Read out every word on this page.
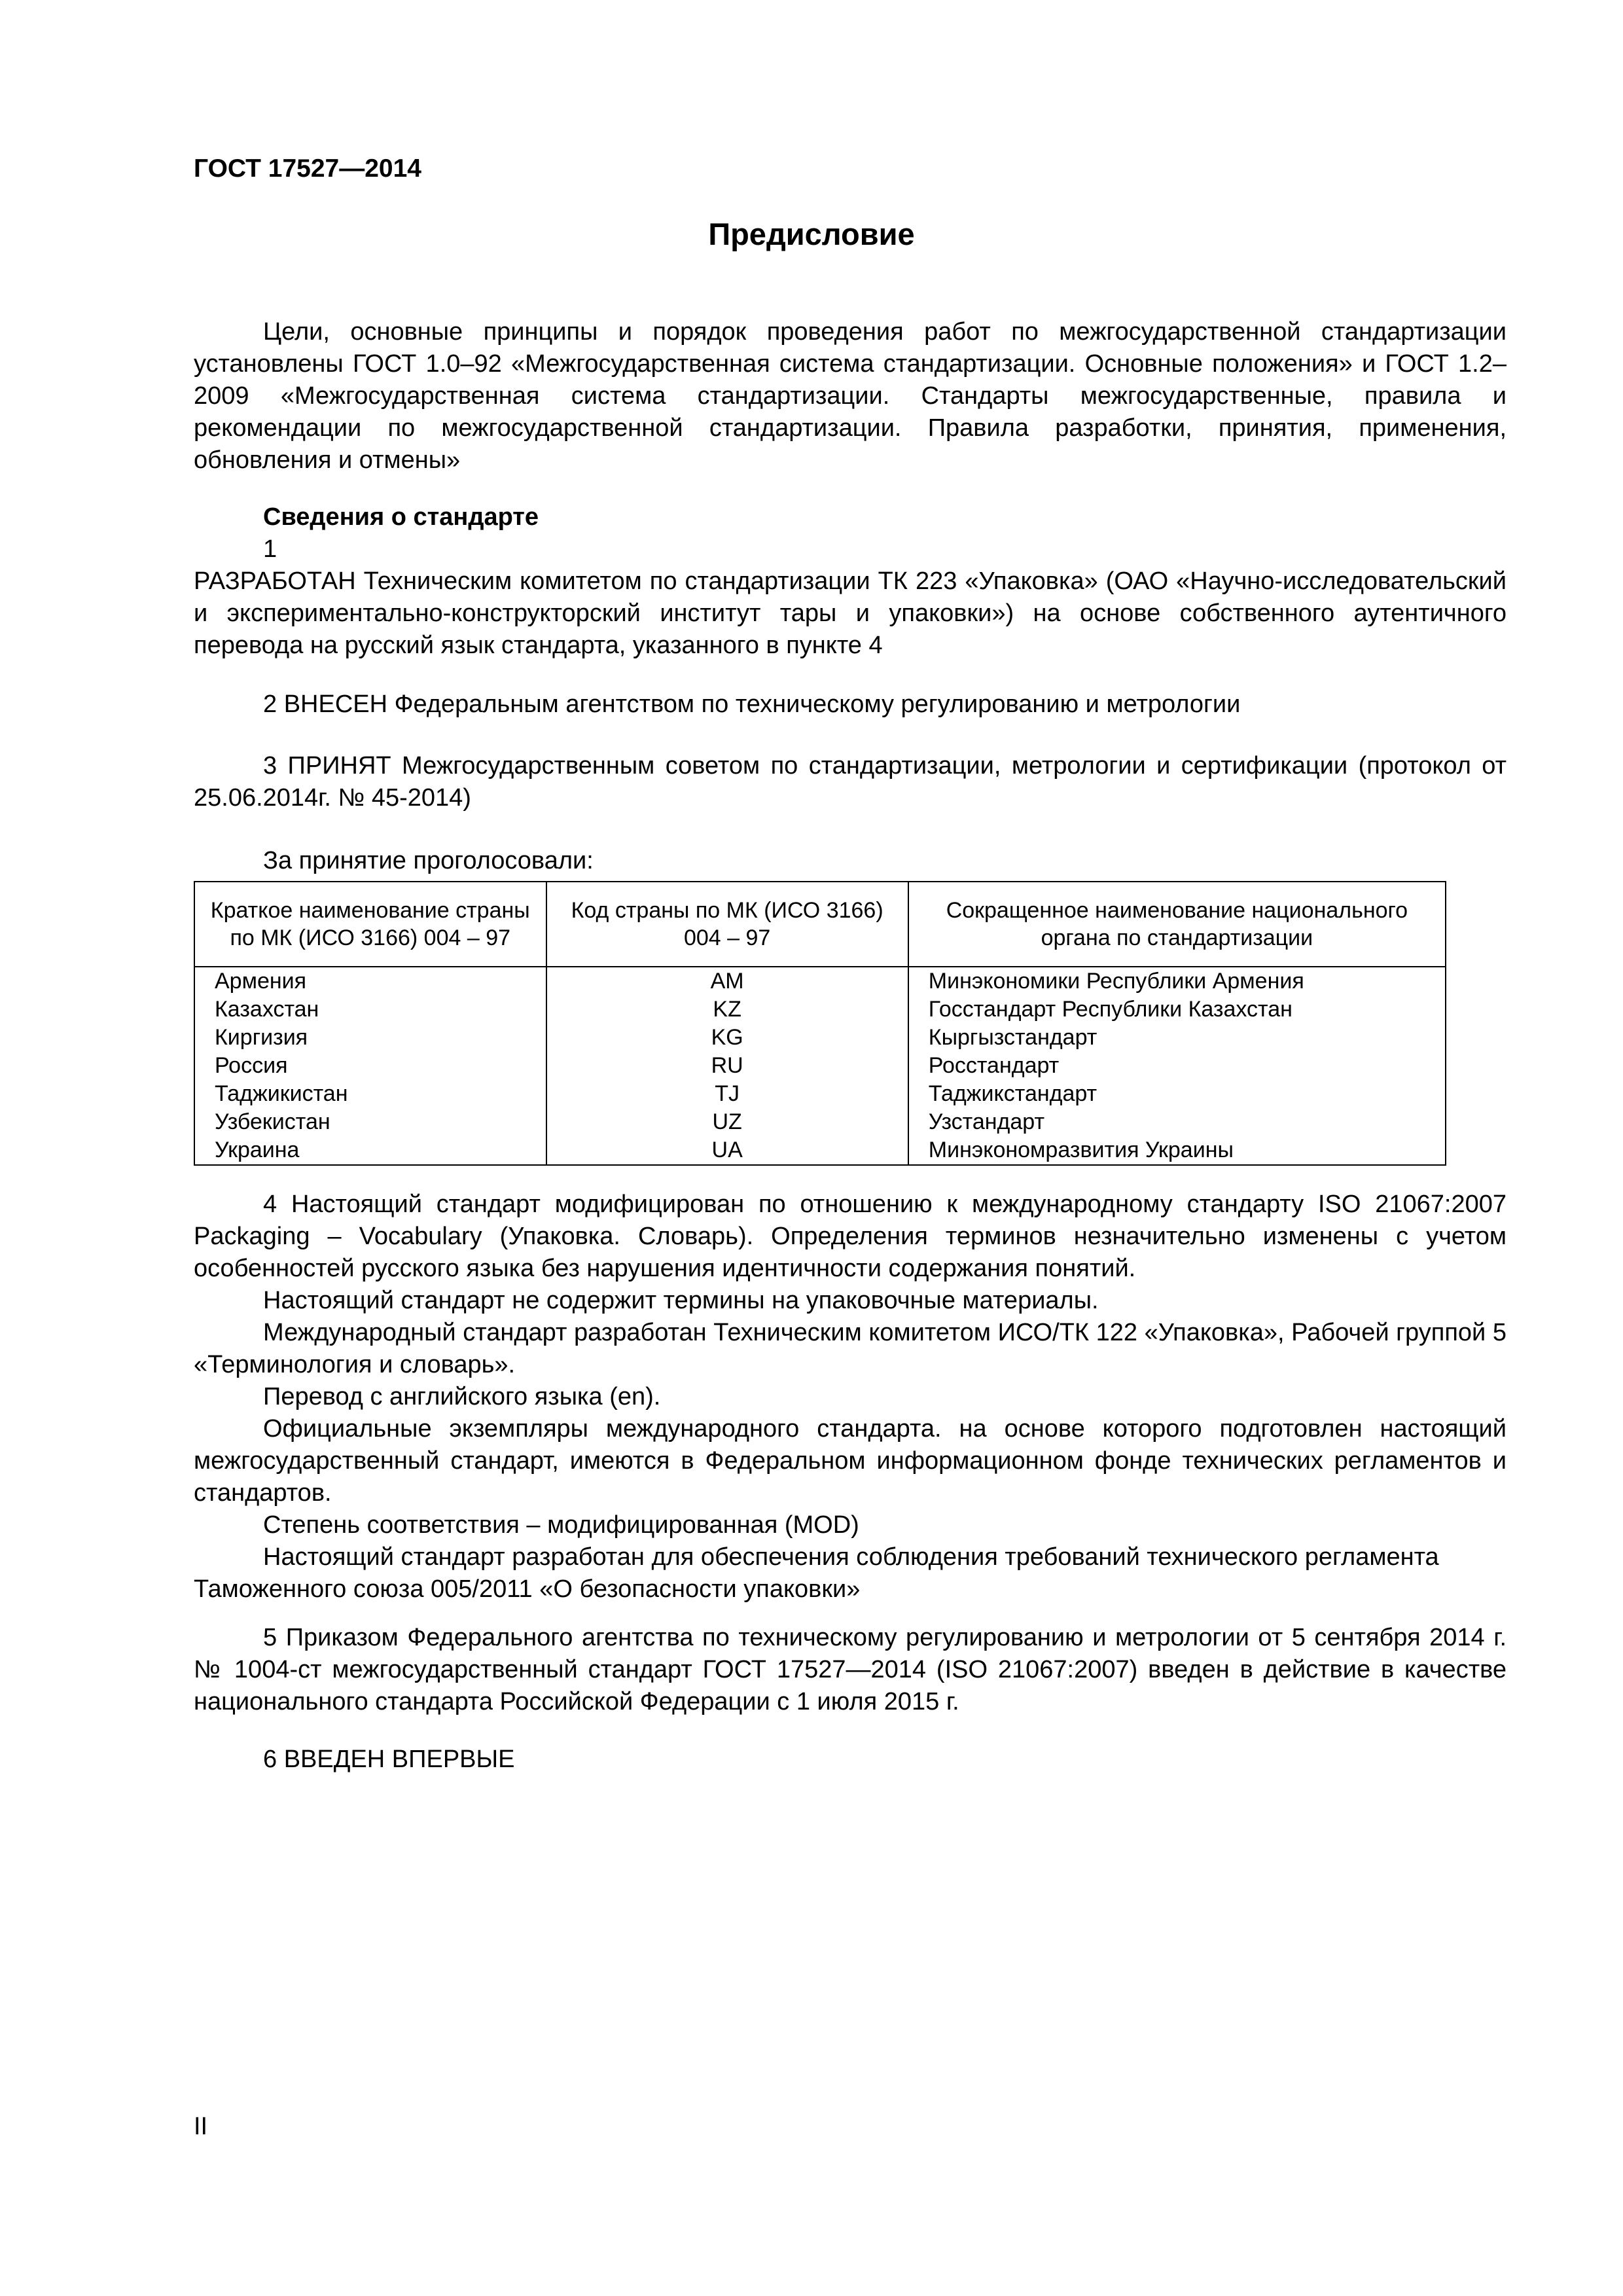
ГОСТ 17527—2014
Предисловие
Цели, основные принципы и порядок проведения работ по межгосударственной стандартизации установлены ГОСТ 1.0–92 «Межгосударственная система стандартизации. Основные положения» и ГОСТ 1.2–2009 «Межгосударственная система стандартизации. Стандарты межгосударственные, правила и рекомендации по межгосударственной стандартизации. Правила разработки, принятия, применения, обновления и отмены»
Сведения о стандарте
1
РАЗРАБОТАН Техническим комитетом по стандартизации ТК 223 «Упаковка» (ОАО «Научно-исследовательский и экспериментально-конструкторский институт тары и упаковки») на основе собственного аутентичного перевода на русский язык стандарта, указанного в пункте 4
2 ВНЕСЕН Федеральным агентством по техническому регулированию и метрологии
3 ПРИНЯТ Межгосударственным советом по стандартизации, метрологии и сертификации (протокол от 25.06.2014г. № 45-2014)
За принятие проголосовали:
Краткое наименование страны по МК (ИСО 3166) 004 – 97	Код страны по МК (ИСО 3166) 004 – 97	Сокращенное наименование национального органа по стандартизации
Армения	AM	Минэкономики Республики Армения
Казахстан	KZ	Госстандарт Республики Казахстан
Киргизия	KG	Кыргызстандарт
Россия	RU	Росстандарт
Таджикистан	TJ	Таджикстандарт
Узбекистан	UZ	Узстандарт
Украина	UA	Минэкономразвития Украины
4 Настоящий стандарт модифицирован по отношению к международному стандарту ISO 21067:2007 Packaging – Vocabulary (Упаковка. Словарь). Определения терминов незначительно изменены с учетом особенностей русского языка без нарушения идентичности содержания понятий.
Настоящий стандарт не содержит термины на упаковочные материалы.
Международный стандарт разработан Техническим комитетом ИСО/ТК 122 «Упаковка», Рабочей группой 5 «Терминология и словарь».
Перевод с английского языка (en).
Официальные экземпляры международного стандарта. на основе которого подготовлен настоящий межгосударственный стандарт, имеются в Федеральном информационном фонде технических регламентов и стандартов.
Степень соответствия – модифицированная (MOD)
Настоящий стандарт разработан для обеспечения соблюдения требований технического регламента Таможенного союза 005/2011 «О безопасности упаковки»
5 Приказом Федерального агентства по техническому регулированию и метрологии от 5 сентября 2014 г. № 1004-ст межгосударственный стандарт ГОСТ 17527—2014 (ISO 21067:2007) введен в действие в качестве национального стандарта Российской Федерации с 1 июля 2015 г.
6 ВВЕДЕН ВПЕРВЫЕ
II
